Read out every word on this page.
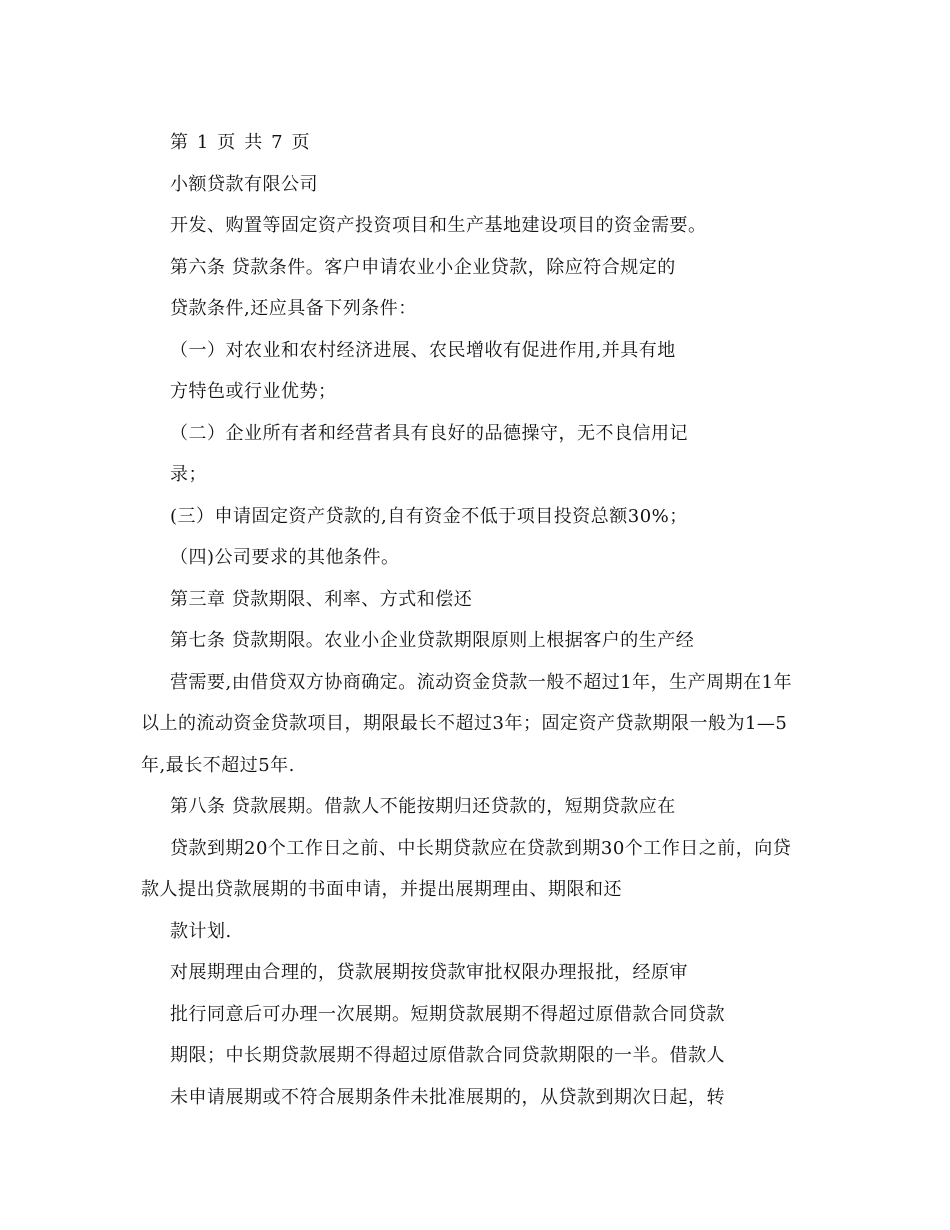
第 1 页 共 7 页

小额贷款有限公司

开发、购置等固定资产投资项目和生产基地建设项目的资金需要。

第六条 贷款条件。客户申请农业小企业贷款，除应符合规定的

贷款条件,还应具备下列条件：

（一）对农业和农村经济进展、农民增收有促进作用,并具有地

方特色或行业优势；

（二）企业所有者和经营者具有良好的品德操守，无不良信用记

录；

(三）申请固定资产贷款的,自有资金不低于项目投资总额30%；

（四)公司要求的其他条件。

第三章 贷款期限、利率、方式和偿还

第七条 贷款期限。农业小企业贷款期限原则上根据客户的生产经

营需要,由借贷双方协商确定。流动资金贷款一般不超过1年，生产周期在1年

以上的流动资金贷款项目，期限最长不超过3年；固定资产贷款期限一般为1—5

年,最长不超过5年.

第八条 贷款展期。借款人不能按期归还贷款的，短期贷款应在

贷款到期20个工作日之前、中长期贷款应在贷款到期30个工作日之前，向贷

款人提出贷款展期的书面申请，并提出展期理由、期限和还

款计划.

对展期理由合理的，贷款展期按贷款审批权限办理报批，经原审

批行同意后可办理一次展期。短期贷款展期不得超过原借款合同贷款

期限；中长期贷款展期不得超过原借款合同贷款期限的一半。借款人

未申请展期或不符合展期条件未批准展期的，从贷款到期次日起，转
